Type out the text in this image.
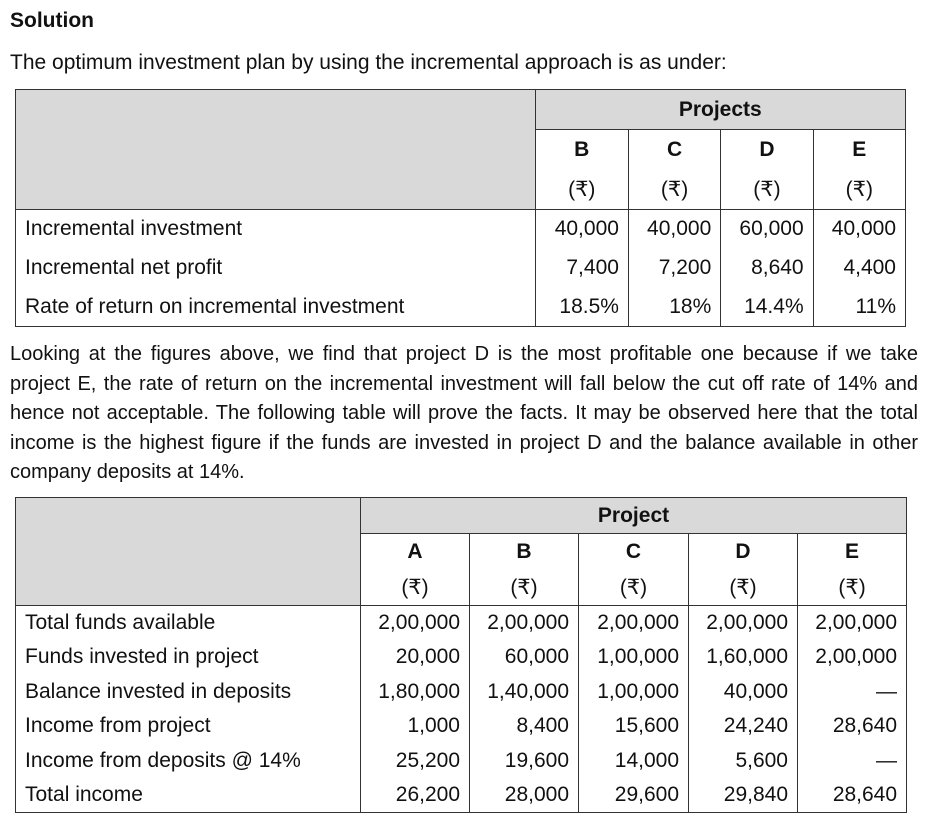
Solution
The optimum investment plan by using the incremental approach is as under:
	Projects			
	B	C	D	E
	(₹)	(₹)	(₹)	(₹)
Incremental investment	40,000	40,000	60,000	40,000
Incremental net profit	7,400	7,200	8,640	4,400
Rate of return on incremental investment	18.5%	18%	14.4%	11%
Looking at the figures above, we find that project D is the most profitable one because if we take project E, the rate of return on the incremental investment will fall below the cut off rate of 14% and hence not acceptable. The following table will prove the facts. It may be observed here that the total income is the highest figure if the funds are invested in project D and the balance available in other company deposits at 14%.
	Project				
	A	B	C	D	E
	(₹)	(₹)	(₹)	(₹)	(₹)
Total funds available	2,00,000	2,00,000	2,00,000	2,00,000	2,00,000
Funds invested in project	20,000	60,000	1,00,000	1,60,000	2,00,000
Balance invested in deposits	1,80,000	1,40,000	1,00,000	40,000	—
Income from project	1,000	8,400	15,600	24,240	28,640
Income from deposits @ 14%	25,200	19,600	14,000	5,600	—
Total income	26,200	28,000	29,600	29,840	28,640
